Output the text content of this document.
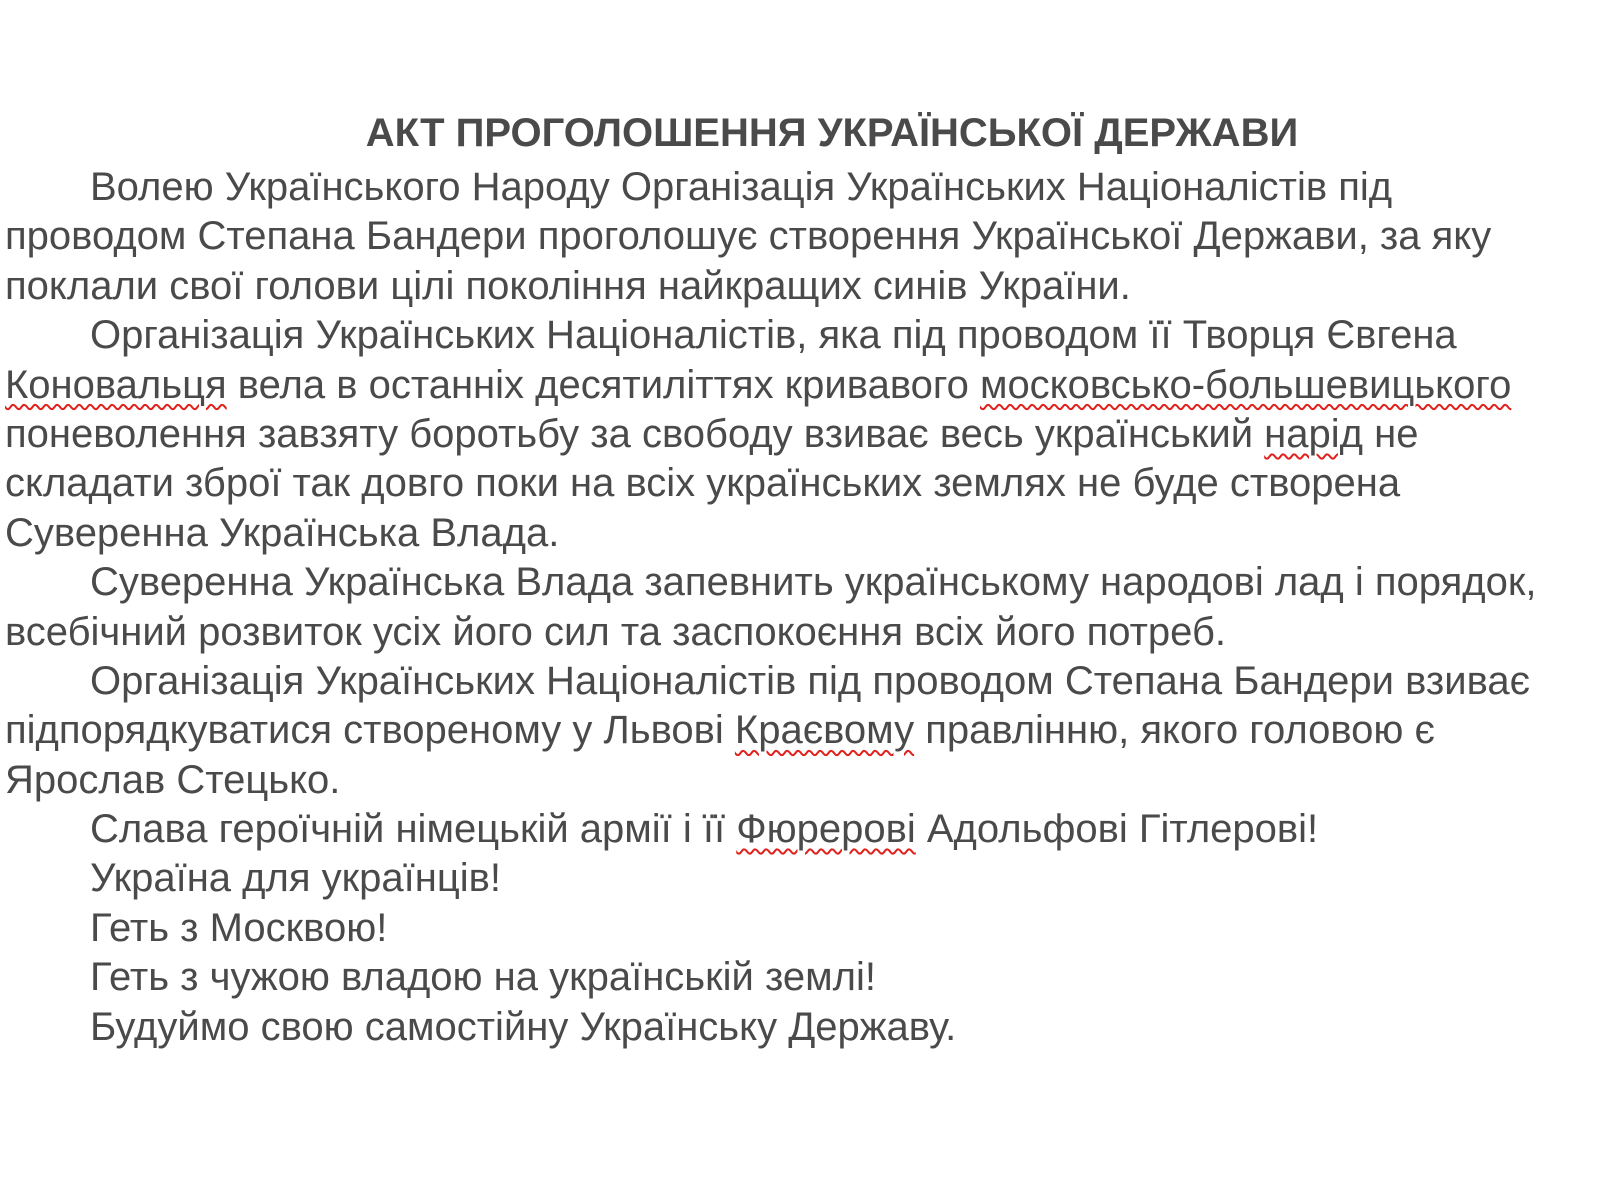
АКТ ПРОГОЛОШЕННЯ УКРАЇНСЬКОЇ ДЕРЖАВИ
Волею Українського Народу Організація Українських Націоналістів під
проводом Степана Бандери проголошує створення Української Держави, за яку
поклали свої голови цілі покоління найкращих синів України.
Організація Українських Націоналістів, яка під проводом її Творця Євгена
Коновальця вела в останніх десятиліттях кривавого московсько-большевицького
поневолення завзяту боротьбу за свободу взиває весь український нарід не
складати зброї так довго поки на всіх українських землях не буде створена
Суверенна Українська Влада.
Суверенна Українська Влада запевнить українському народові лад і порядок,
всебічний розвиток усіх його сил та заспокоєння всіх його потреб.
Організація Українських Націоналістів під проводом Степана Бандери взиває
підпорядкуватися створеному у Львові Краєвому правлінню, якого головою є
Ярослав Стецько.
Слава героїчній німецькій армії і її Фюрерові Адольфові Гітлерові!
Україна для українців!
Геть з Москвою!
Геть з чужою владою на українській землі!
Будуймо свою самостійну Українську Державу.
